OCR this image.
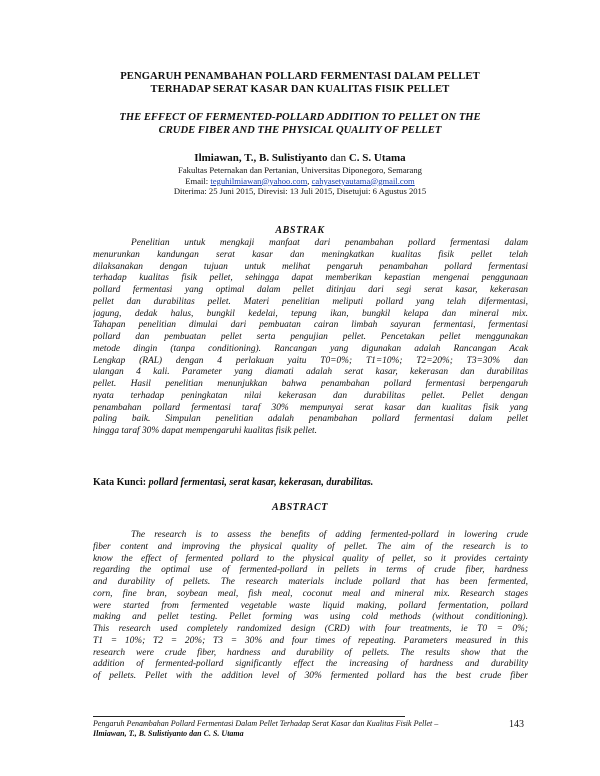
PENGARUH PENAMBAHAN POLLARD FERMENTASI DALAM PELLET
TERHADAP SERAT KASAR DAN KUALITAS FISIK PELLET
THE EFFECT OF FERMENTED-POLLARD ADDITION TO PELLET ON THE
CRUDE FIBER AND THE PHYSICAL QUALITY OF PELLET
Ilmiawan, T., B. Sulistiyanto dan C. S. Utama
Fakultas Peternakan dan Pertanian, Universitas Diponegoro, Semarang
Email: teguhilmiawan@yahoo.com, cahyasetyautama@gmail.com
Diterima: 25 Juni 2015, Direvisi: 13 Juli 2015, Disetujui: 6 Agustus 2015
ABSTRAK
Penelitian untuk mengkaji manfaat dari penambahan pollard fermentasi dalam
menurunkan kandungan serat kasar dan meningkatkan kualitas fisik pellet telah
dilaksanakan dengan tujuan untuk melihat pengaruh penambahan pollard fermentasi
terhadap kualitas fisik pellet, sehingga dapat memberikan kepastian mengenai penggunaan
pollard fermentasi yang optimal dalam pellet ditinjau dari segi serat kasar, kekerasan
pellet dan durabilitas pellet. Materi penelitian meliputi pollard yang telah difermentasi,
jagung, dedak halus, bungkil kedelai, tepung ikan, bungkil kelapa dan mineral mix.
Tahapan penelitian dimulai dari pembuatan cairan limbah sayuran fermentasi, fermentasi
pollard dan pembuatan pellet serta pengujian pellet. Pencetakan pellet menggunakan
metode dingin (tanpa conditioning). Rancangan yang digunakan adalah Rancangan Acak
Lengkap (RAL) dengan 4 perlakuan yaitu T0=0%; T1=10%; T2=20%; T3=30% dan
ulangan 4 kali. Parameter yang diamati adalah serat kasar, kekerasan dan durabilitas
pellet. Hasil penelitian menunjukkan bahwa penambahan pollard fermentasi berpengaruh
nyata terhadap peningkatan nilai kekerasan dan durabilitas pellet. Pellet dengan
penambahan pollard fermentasi taraf 30% mempunyai serat kasar dan kualitas fisik yang
paling baik. Simpulan penelitian adalah penambahan pollard fermentasi dalam pellet
hingga taraf 30% dapat mempengaruhi kualitas fisik pellet.
Kata Kunci: pollard fermentasi, serat kasar, kekerasan, durabilitas.
ABSTRACT
The research is to assess the benefits of adding fermented-pollard in lowering crude
fiber content and improving the physical quality of pellet. The aim of the research is to
know the effect of fermented pollard to the physical quality of pellet, so it provides certainty
regarding the optimal use of fermented-pollard in pellets in terms of crude fiber, hardness
and durability of pellets. The research materials include pollard that has been fermented,
corn, fine bran, soybean meal, fish meal, coconut meal and mineral mix. Research stages
were started from fermented vegetable waste liquid making, pollard fermentation, pollard
making and pellet testing. Pellet forming was using cold methods (without conditioning).
This research used completely randomized design (CRD) with four treatments, ie T0 = 0%;
T1 = 10%; T2 = 20%; T3 = 30% and four times of repeating. Parameters measured in this
research were crude fiber, hardness and durability of pellets. The results show that the
addition of fermented-pollard significantly effect the increasing of hardness and durability
of pellets. Pellet with the addition level of 30% fermented pollard has the best crude fiber
Pengaruh Penambahan Pollard Fermentasi Dalam Pellet Terhadap Serat Kasar dan Kualitas Fisik Pellet –
Ilmiawan, T., B. Sulistiyanto dan C. S. Utama
143
